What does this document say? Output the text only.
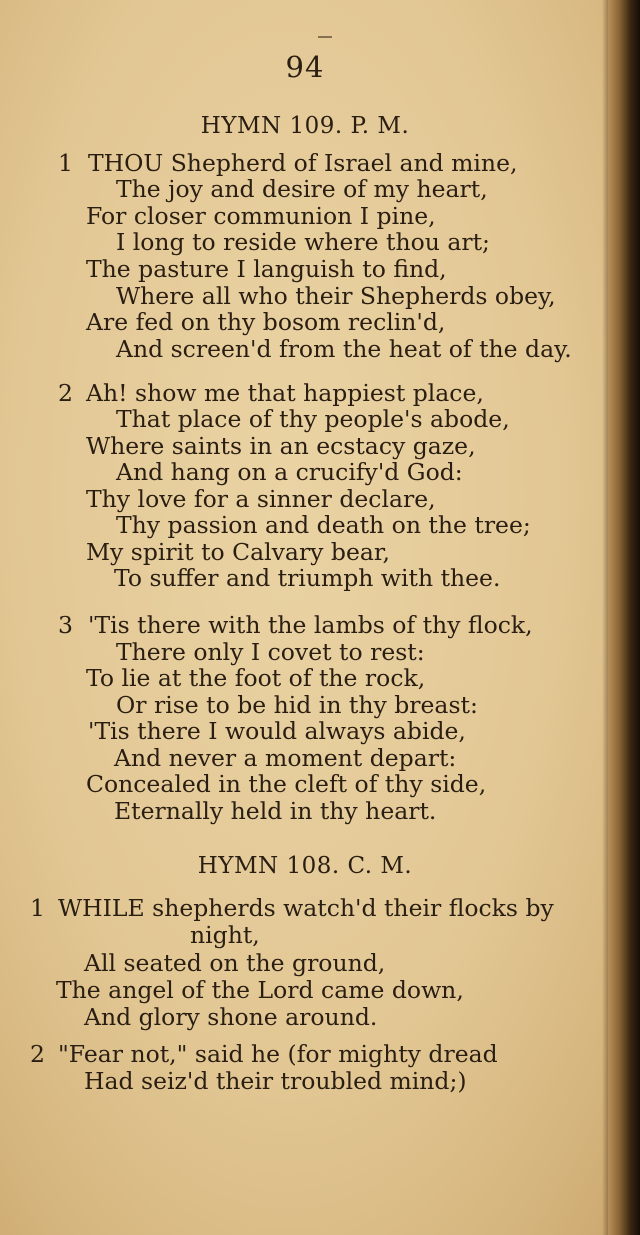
94
HYMN 109. P. M.
1 THOU Shepherd of Israel and mine,
The joy and desire of my heart,
For closer communion I pine,
I long to reside where thou art;
The pasture I languish to find,
Where all who their Shepherds obey,
Are fed on thy bosom reclin'd,
And screen'd from the heat of the day.
2 Ah! show me that happiest place,
That place of thy people's abode,
Where saints in an ecstacy gaze,
And hang on a crucify'd God:
Thy love for a sinner declare,
Thy passion and death on the tree;
My spirit to Calvary bear,
To suffer and triumph with thee.
3 'Tis there with the lambs of thy flock,
There only I covet to rest:
To lie at the foot of the rock,
Or rise to be hid in thy breast:
'Tis there I would always abide,
And never a moment depart:
Concealed in the cleft of thy side,
Eternally held in thy heart.
HYMN 108. C. M.
1 WHILE shepherds watch'd their flocks by
night,
All seated on the ground,
The angel of the Lord came down,
And glory shone around.
2 "Fear not," said he (for mighty dread
Had seiz'd their troubled mind;)
